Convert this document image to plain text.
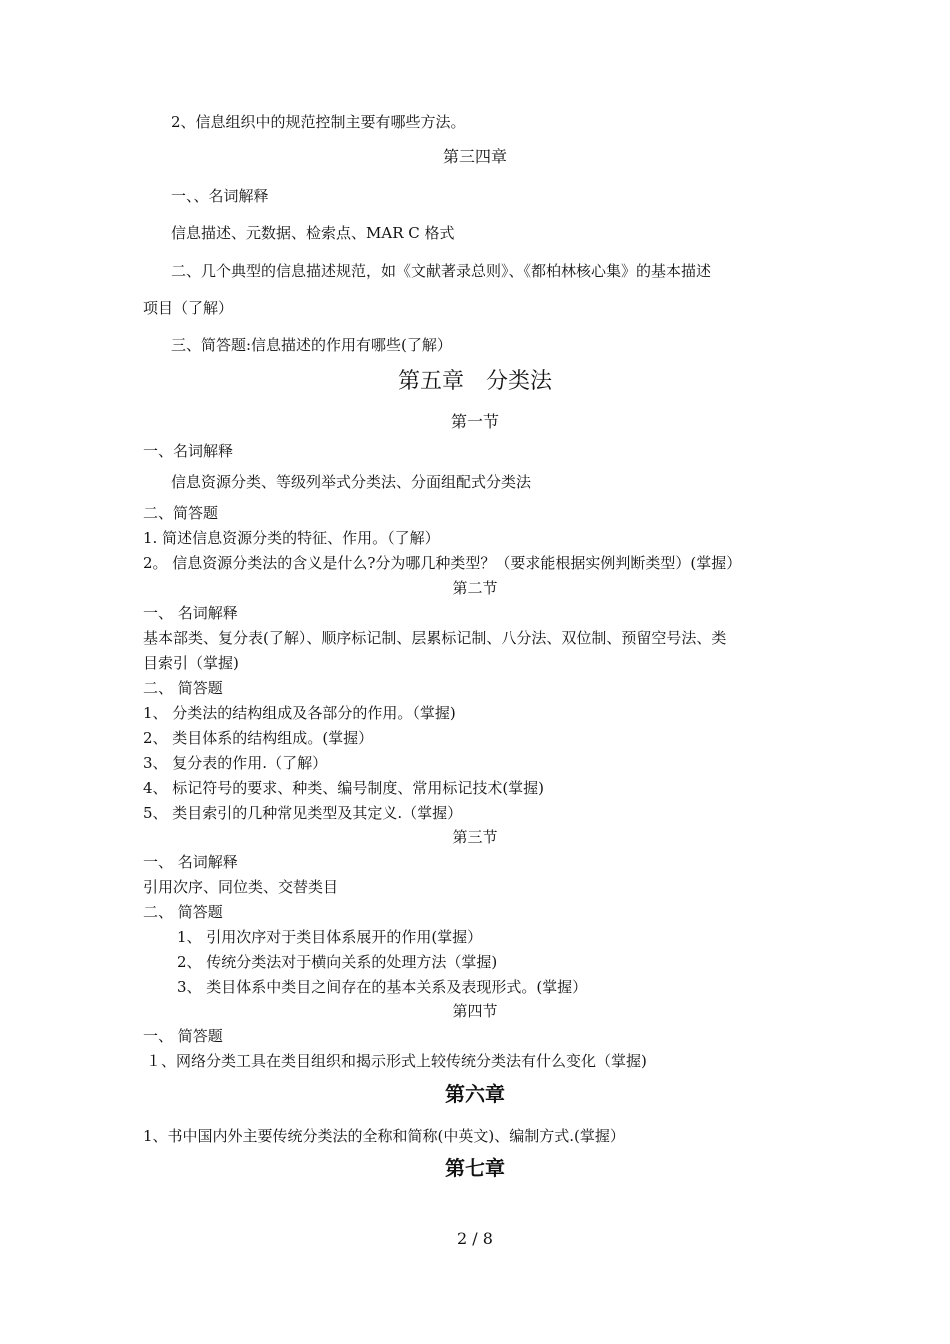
2、信息组织中的规范控制主要有哪些方法。
第三四章
一、、名词解释
信息描述、元数据、检索点、MAR C 格式
二、几个典型的信息描述规范，如《文献著录总则》、《都柏林核心集》的基本描述
项目（了解）
三、简答题:信息描述的作用有哪些(了解）
第五章　分类法
第一节
一、名词解释
信息资源分类、等级列举式分类法、分面组配式分类法
二、简答题
1. 简述信息资源分类的特征、作用。（了解）
2。 信息资源分类法的含义是什么?分为哪几种类型？（要求能根据实例判断类型）(掌握）
第二节
一、 名词解释
基本部类、复分表(了解）、顺序标记制、层累标记制、八分法、双位制、预留空号法、类
目索引（掌握)
二、 简答题
1、 分类法的结构组成及各部分的作用。（掌握)
2、 类目体系的结构组成。(掌握）
3、 复分表的作用.（了解）
4、 标记符号的要求、种类、编号制度、常用标记技术(掌握)
5、 类目索引的几种常见类型及其定义.（掌握）
第三节
一、 名词解释
引用次序、同位类、交替类目
二、 简答题
1、 引用次序对于类目体系展开的作用(掌握）
2、 传统分类法对于横向关系的处理方法（掌握)
3、 类目体系中类目之间存在的基本关系及表现形式。(掌握）
第四节
一、 简答题
１、网络分类工具在类目组织和揭示形式上较传统分类法有什么变化（掌握)
第六章
1、书中国内外主要传统分类法的全称和简称(中英文)、编制方式.(掌握）
第七章
2 / 8
